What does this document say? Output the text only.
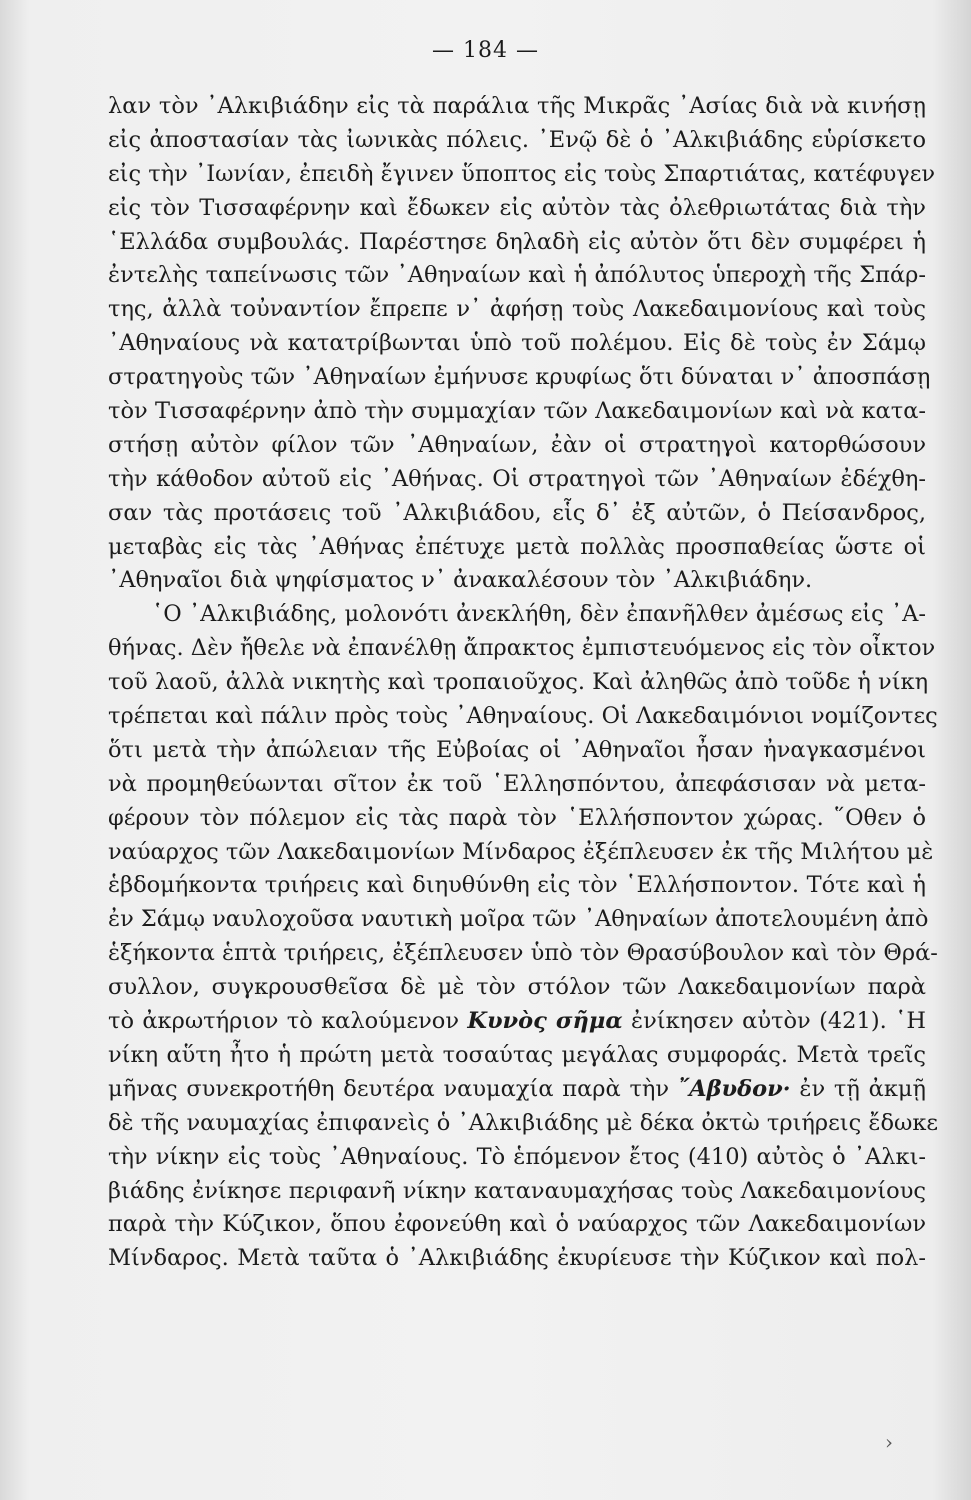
— 184 —
λαν τὸν ᾿Αλκιβιάδην εἰς τὰ παράλια τῆς Μικρᾶς ᾿Ασίας διὰ νὰ κινήσῃ
εἰς ἀποστασίαν τὰς ἰωνικὰς πόλεις. ᾿Ενῷ δὲ ὁ ᾿Αλκιβιάδης εὑρίσκετο
εἰς τὴν ᾿Ιωνίαν, ἐπειδὴ ἔγινεν ὕποπτος εἰς τοὺς Σπαρτιάτας, κατέφυγεν
εἰς τὸν Τισσαφέρνην καὶ ἔδωκεν εἰς αὐτὸν τὰς ὀλεθριωτάτας διὰ τὴν
῾Ελλάδα συμβουλάς. Παρέστησε δηλαδὴ εἰς αὐτὸν ὅτι δὲν συμφέρει ἡ
ἐντελὴς ταπείνωσις τῶν ᾿Αθηναίων καὶ ἡ ἀπόλυτος ὑπεροχὴ τῆς Σπάρ-
της, ἀλλὰ τοὐναντίον ἔπρεπε ν᾿ ἀφήσῃ τοὺς Λακεδαιμονίους καὶ τοὺς
᾿Αθηναίους νὰ κατατρίβωνται ὑπὸ τοῦ πολέμου. Εἰς δὲ τοὺς ἐν Σάμῳ
στρατηγοὺς τῶν ᾿Αθηναίων ἐμήνυσε κρυφίως ὅτι δύναται ν᾿ ἀποσπάσῃ
τὸν Τισσαφέρνην ἀπὸ τὴν συμμαχίαν τῶν Λακεδαιμονίων καὶ νὰ κατα-
στήσῃ αὐτὸν φίλον τῶν ᾿Αθηναίων, ἐὰν οἱ στρατηγοὶ κατορθώσουν
τὴν κάθοδον αὐτοῦ εἰς ᾿Αθήνας. Οἱ στρατηγοὶ τῶν ᾿Αθηναίων ἐδέχθη-
σαν τὰς προτάσεις τοῦ ᾿Αλκιβιάδου, εἷς δ᾿ ἐξ αὐτῶν, ὁ Πείσανδρος,
μεταβὰς εἰς τὰς ᾿Αθήνας ἐπέτυχε μετὰ πολλὰς προσπαθείας ὥστε οἱ
᾿Αθηναῖοι διὰ ψηφίσματος ν᾿ ἀνακαλέσουν τὸν ᾿Αλκιβιάδην.
῾Ο ᾿Αλκιβιάδης, μολονότι ἀνεκλήθη, δὲν ἐπανῆλθεν ἀμέσως εἰς ᾿Α-
θήνας. Δὲν ἤθελε νὰ ἐπανέλθῃ ἄπρακτος ἐμπιστευόμενος εἰς τὸν οἶκτον
τοῦ λαοῦ, ἀλλὰ νικητὴς καὶ τροπαιοῦχος. Καὶ ἀληθῶς ἀπὸ τοῦδε ἡ νίκη
τρέπεται καὶ πάλιν πρὸς τοὺς ᾿Αθηναίους. Οἱ Λακεδαιμόνιοι νομίζοντες
ὅτι μετὰ τὴν ἀπώλειαν τῆς Εὐβοίας οἱ ᾿Αθηναῖοι ἦσαν ἠναγκασμένοι
νὰ προμηθεύωνται σῖτον ἐκ τοῦ ῾Ελλησπόντου, ἀπεφάσισαν νὰ μετα-
φέρουν τὸν πόλεμον εἰς τὰς παρὰ τὸν ῾Ελλήσποντον χώρας. ῞Οθεν ὁ
ναύαρχος τῶν Λακεδαιμονίων Μίνδαρος ἐξέπλευσεν ἐκ τῆς Μιλήτου μὲ
ἑβδομήκοντα τριήρεις καὶ διηυθύνθη εἰς τὸν ῾Ελλήσποντον. Τότε καὶ ἡ
ἐν Σάμῳ ναυλοχοῦσα ναυτικὴ μοῖρα τῶν ᾿Αθηναίων ἀποτελουμένη ἀπὸ
ἑξήκοντα ἑπτὰ τριήρεις, ἐξέπλευσεν ὑπὸ τὸν Θρασύβουλον καὶ τὸν Θρά-
συλλον, συγκρουσθεῖσα δὲ μὲ τὸν στόλον τῶν Λακεδαιμονίων παρὰ
τὸ ἀκρωτήριον τὸ καλούμενον Κυνὸς σῆμα ἐνίκησεν αὐτὸν (421). ῾Η
νίκη αὕτη ἦτο ἡ πρώτη μετὰ τοσαύτας μεγάλας συμφοράς. Μετὰ τρεῖς
μῆνας συνεκροτήθη δευτέρα ναυμαχία παρὰ τὴν ῎Αβυδον· ἐν τῇ ἀκμῇ
δὲ τῆς ναυμαχίας ἐπιφανεὶς ὁ ᾿Αλκιβιάδης μὲ δέκα ὀκτὼ τριήρεις ἔδωκε
τὴν νίκην εἰς τοὺς ᾿Αθηναίους. Τὸ ἑπόμενον ἔτος (410) αὐτὸς ὁ ᾿Αλκι-
βιάδης ἐνίκησε περιφανῆ νίκην καταναυμαχήσας τοὺς Λακεδαιμονίους
παρὰ τὴν Κύζικον, ὅπου ἐφονεύθη καὶ ὁ ναύαρχος τῶν Λακεδαιμονίων
Μίνδαρος. Μετὰ ταῦτα ὁ ᾿Αλκιβιάδης ἐκυρίευσε τὴν Κύζικον καὶ πολ-
›
